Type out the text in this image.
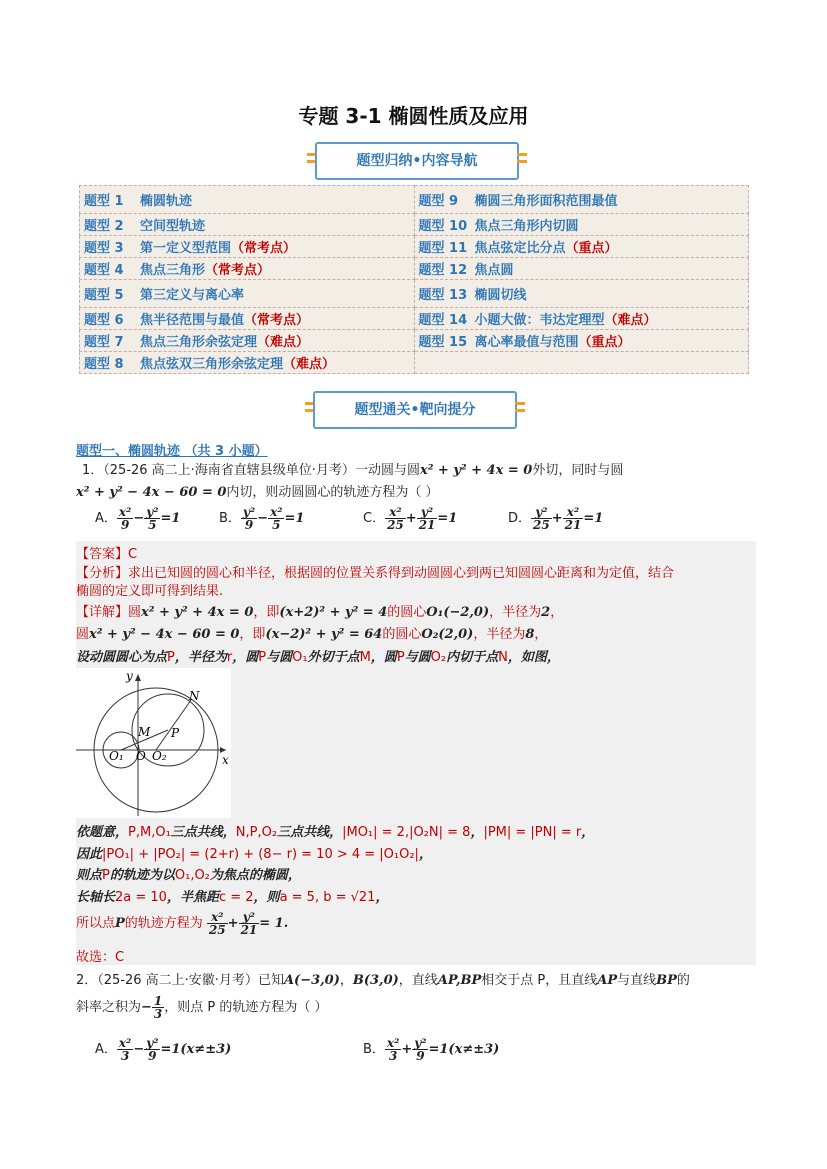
专题 3-1 椭圆性质及应用
题型归纳•内容导航
题型 1 椭圆轨迹	题型 9 椭圆三角形面积范围最值
题型 2 空间型轨迹	题型 10 焦点三角形内切圆
题型 3 第一定义型范围（常考点）	题型 11 焦点弦定比分点（重点）
题型 4 焦点三角形（常考点）	题型 12 焦点圆
题型 5 第三定义与离心率	题型 13 椭圆切线
题型 6 焦半径范围与最值（常考点）	题型 14 小题大做：韦达定理型（难点）
题型 7 焦点三角形余弦定理（难点）	题型 15 离心率最值与范围（重点）
题型 8 焦点弦双三角形余弦定理（难点）	
题型通关•靶向提分
题型一、椭圆轨迹 （共 3 小题）
1．（25-26 高二上·海南省直辖县级单位·月考）一动圆与圆x² + y² + 4x = 0外切，同时与圆
x² + y² − 4x − 60 = 0内切，则动圆圆心的轨迹方程为（ ）
A． $\frac{\text{x²}}{9} - \frac{\text{y²}}{5} =1$	B． $\frac{\text{y²}}{9} - \frac{\text{x²}}{5} =1$	C． $\frac{\text{x²}}{25} + \frac{\text{y²}}{21} =1$	D． $\frac{\text{y²}}{25} + \frac{\text{x²}}{21} =1$
【答案】C
【分析】求出已知圆的圆心和半径，根据圆的位置关系得到动圆圆心到两已知圆圆心距离和为定值，结合
椭圆的定义即可得到结果.
【详解】圆x² + y² + 4x = 0，即(x+2)² + y² = 4的圆心O₁(−2,0)，半径为2，
圆x² + y² − 4x − 60 = 0，即(x−2)² + y² = 64的圆心O₂(2,0)，半径为8，
设动圆圆心为点P，半径为r，圆P与圆O₁外切于点M，圆P与圆O₂内切于点N，如图，
y
x
N
M P
O₁ O O₂
依题意，P,M,O₁三点共线，N,P,O₂三点共线，|MO₁| = 2,|O₂N| = 8，|PM| = |PN| = r，
因此|PO₁| + |PO₂| = (2+r) + (8− r) = 10 > 4 = |O₁O₂|，
则点P的轨迹为以O₁,O₂为焦点的椭圆，
长轴长2a = 10，半焦距c = 2，则a = 5, b = √21，
所以点P的轨迹方程为 $\frac{\text{x²}}{25} + \frac{\text{y²}}{21} = 1$.
故选：C
2．（25-26 高二上·安徽·月考）已知A(−3,0)，B(3,0)，直线AP,BP相交于点 P，且直线AP与直线BP的
斜率之积为− $\frac{1}{3}$ ，则点 P 的轨迹方程为（ ）
A． $\frac{\text{x²}}{3} - \frac{\text{y²}}{9} =1(x\ne\pm 3)$	B． $\frac{\text{x²}}{3} + \frac{\text{y²}}{9} =1(x\ne\pm 3)$
